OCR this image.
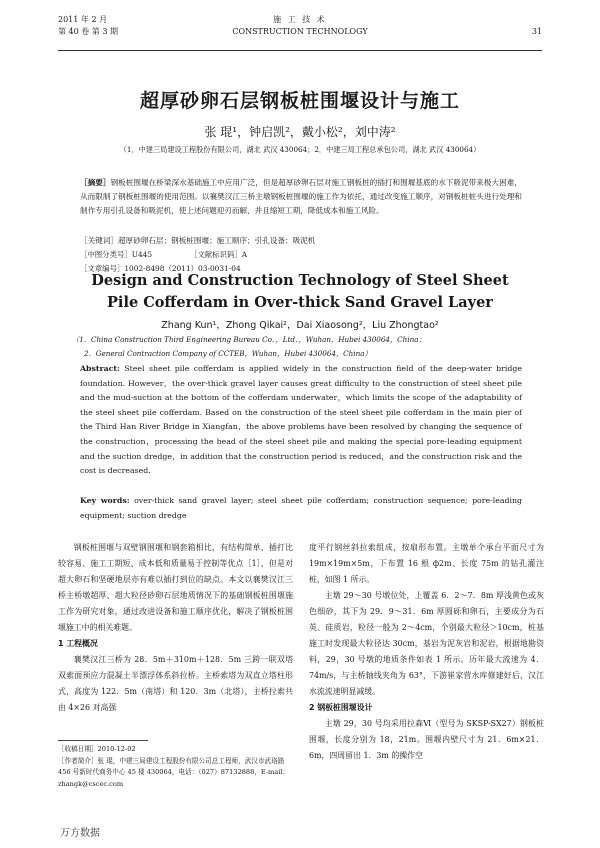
2011 年 2 月
第 40 卷 第 3 期
施 工 技 术
CONSTRUCTION TECHNOLOGY	31
超厚砂卵石层钢板桩围堰设计与施工
张 琨¹，钟启凯²，戴小松²，刘中涛²
（1．中建三局建设工程股份有限公司，湖北 武汉 430064；2．中建三局工程总承包公司，湖北 武汉 430064）
［摘要］钢板桩围堰在桥梁深水基础施工中应用广泛，但是超厚砂卵石层对施工钢板桩的插打和围堰基底的水下吸泥带来极大困难，从而限制了钢板桩围堰的使用范围。以襄樊汉江三桥主墩钢板桩围堰的施工作为依托，通过改变施工顺序，对钢板桩桩头进行处理和制作专用引孔设备和吸泥机，使上述问题迎刃而解，并且缩短工期，降低成本和施工风险。
［关键词］超厚砂卵石层；钢板桩围堰；施工顺序；引孔设备；吸泥机
［中图分类号］U445	［文献标识码］A［文章编号］1002-8498（2011）03-0031-04
Design and Construction Technology of Steel Sheet
Pile Cofferdam in Over-thick Sand Gravel Layer
Zhang Kun¹，Zhong Qikai²，Dai Xiaosong²，Liu Zhongtao²
（1．China Construction Third Engineering Bureau Co．，Ltd．，Wuhan，Hubei 430064，China；
2．General Contraction Company of CCTEB，Wuhan，Hubei 430064，China）
Abstract: Steel sheet pile cofferdam is applied widely in the construction field of the deep-water bridge foundation. However，the over-thick gravel layer causes great difficulty to the construction of steel sheet pile and the mud-suction at the bottom of the cofferdam underwater，which limits the scope of the adaptability of the steel sheet pile cofferdam. Based on the construction of the steel sheet pile cofferdam in the main pier of the Third Han River Bridge in Xiangfan，the above problems have been resolved by changing the sequence of the construction，processing the head of the steel sheet pile and making the special pore-leading equipment and the suction dredge，in addition that the construction period is reduced，and the construction risk and the cost is decreased.
Key words: over-thick sand gravel layer; steel sheet pile cofferdam; construction sequence; pore-leading equipment; suction dredge

钢板桩围堰与双壁钢围堰和钢套箱相比，有结构简单、插打比较容易、施工工期短、成本低和质量易于控制等优点［1］，但是对超大卵石和坚硬地层亦有难以插打到位的缺点。本文以襄樊汉江三桥主桥墩超厚、超大粒径砂卵石层地质情况下的基础钢板桩围堰施工作为研究对象，通过改进设备和施工顺序优化，解决了钢板桩围堰施工中的相关难题。

1 工程概况

襄樊汉江三桥为 28．5m＋310m＋128．5m 三跨一联双塔双索面预应力混凝土半漂浮体系斜拉桥。主桥索塔为双直立塔柱形式，高度为 122．5m（南塔）和 120．3m（北塔），主桥拉索共由 4×26 对高强

度平行钢丝斜拉索组成，按扇形布置。主墩单个承台平面尺寸为 19m×19m×5m，下布置 16 根 ф2m、长度 75m 的钻孔灌注桩，如图 1 所示。

主墩 29～30 号墩位处，上覆盖 6．2～7．8m 厚浅黄色或灰色细砂，其下为 29．9～31．6m 厚圆砾和卵石，主要成分为石英、硅质岩，粒径一般为 2～4cm，个别最大粒径＞10cm，桩基施工时发现最大粒径达 30cm，基岩为泥灰岩和泥岩，根据地勘资料，29，30 号墩的地质条件如表 1 所示。历年最大流速为 4．74m/s，与主桥轴线夹角为 63°，下游崔家营水库修建好后，汉江水流流速明显减缓。

2 钢板桩围堰设计

主墩 29，30 号均采用拉森Ⅵ（型号为 SKSP-SX27）钢板桩围堰，长度分别为 18，21m。围堰内壁尺寸为 21．6m×21．6m，四周留出 1．3m 的操作空

［收稿日期］2010-12-02
［作者简介］张 琨，中建三局建设工程股份有限公司总工程师，武汉市武珞路 456 号新时代商务中心 45 楼 430064，电话：（027）87132888，E-mail：zhangk@cscec.com
万方数据
